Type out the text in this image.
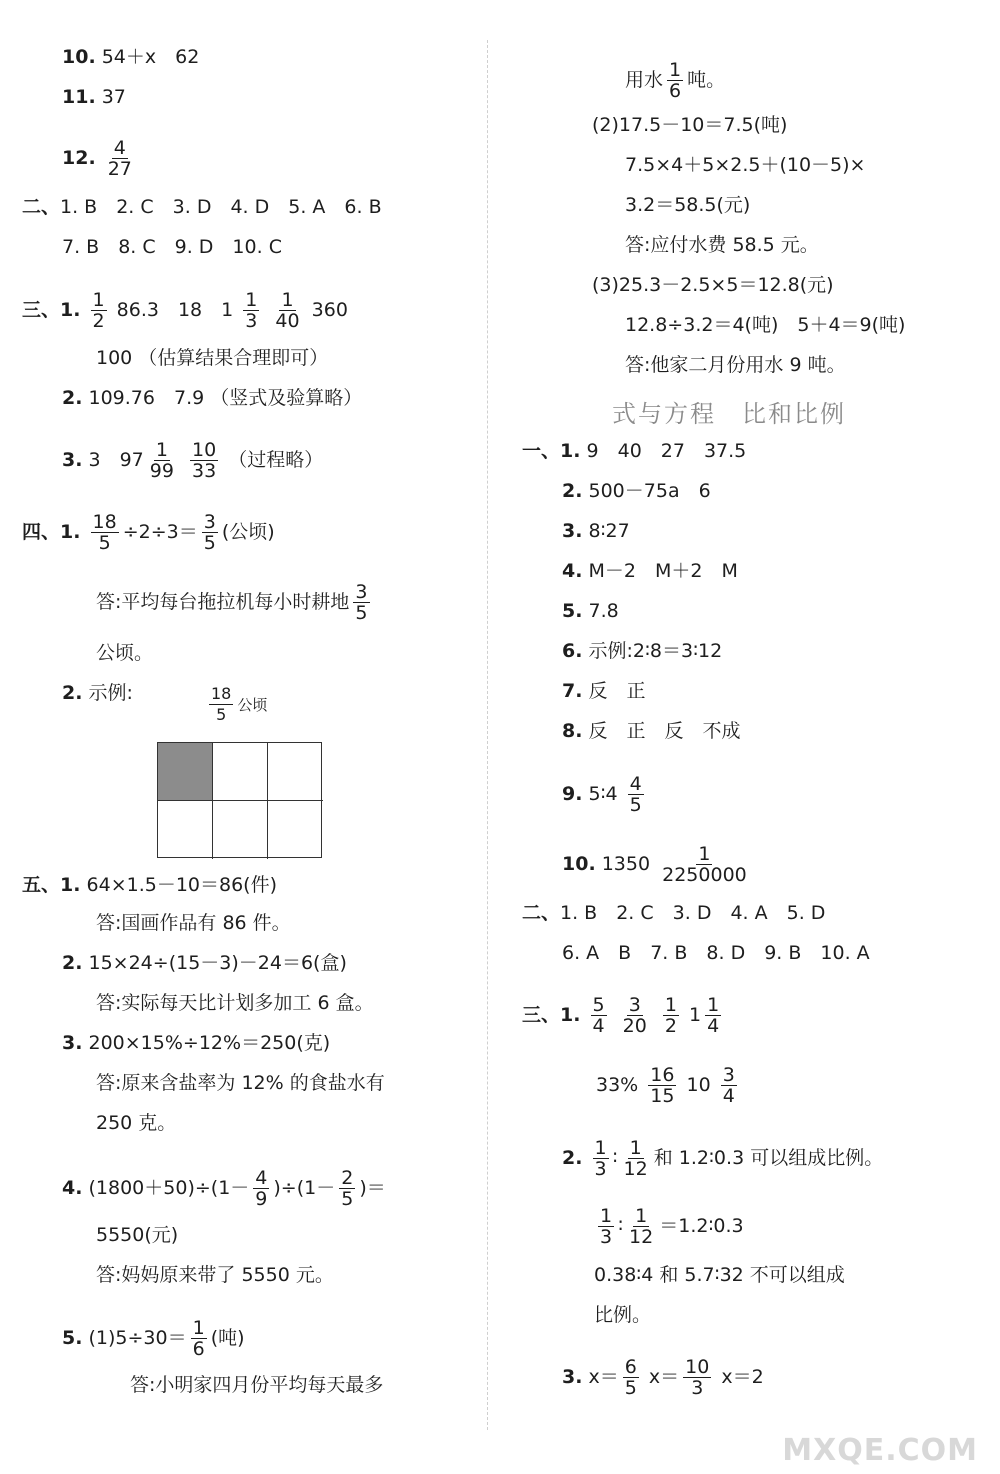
10. 54＋x　62
11. 37
12. $\frac{4}{27}$
二、1. B　2. C　3. D　4. D　5. A　6. B
7. B　8. C　9. D　10. C
三、1. $\frac{1}{2} 86.3$　18　$1 \frac{1}{3}$
$\frac{1}{40} 360$
100 （估算结果合理即可）
2. 109.76　7.9 （竖式及验算略）
3. 3　$97 \frac{1}{99}$
$\frac{10}{33}$ （过程略）
四、1. $\frac{18}{5} \div 2\div 3= \frac{3}{5}$ (公顷)
答:平均每台拖拉机每小时耕地 $\frac{3}{5}$
公顷。
2. 示例:	$\frac{18}{5}$ 公顷
五、1. 64×1.5－10＝86(件)
答:国画作品有 86 件。
2. 15×24÷(15－3)－24＝6(盒)
答:实际每天比计划多加工 6 盒。
3. 200×15%÷12%＝250(克)
答:原来含盐率为 12% 的食盐水有
250 克。
4. $(1800+50)\div(1- \frac{4}{9} )\div(1- \frac{2}{5}$ )＝
5550(元)
答:妈妈原来带了 5550 元。
5. $(1)5\div 30= \frac{1}{6}$ (吨)
答:小明家四月份平均每天最多
用水 $\frac{1}{6}$ 吨。
(2)17.5－10＝7.5(吨)
7.5×4＋5×2.5＋(10－5)×
3.2＝58.5(元)
答:应付水费 58.5 元。
(3)25.3－2.5×5＝12.8(元)
12.8÷3.2＝4(吨)　5＋4＝9(吨)
答:他家二月份用水 9 吨。
式与方程　比和比例
一、1. 9　40　27　37.5
2. 500－75a　6
3. 8∶27
4. M－2　M＋2　M
5. 7.8
6. 示例:2∶8＝3∶12
7. 反　正
8. 反　正　反　不成
9. 5∶4 $\frac{4}{5}$
10. $1350 \frac{1}{2250000}$
二、1. B　2. C　3. D　4. A　5. D
6. A　B　7. B　8. D　9. B　10. A
三、1. $\frac{5}{4}$
$\frac{3}{20}$
$\frac{1}{2} 1 \frac{1}{4}$
$33\% \frac{16}{15} 10 \frac{3}{4}$
2. $\frac{1}{3}$ ∶ $\frac{1}{12}$ 和 1.2∶0.3 可以组成比例。
$\frac{1}{3}$ ∶ $\frac{1}{12}$ ＝1.2∶0.3
0.38∶4 和 5.7∶32 不可以组成
比例。
3. $x= \frac{6}{5} x= \frac{10}{3} x=2$
MXQE.COM
